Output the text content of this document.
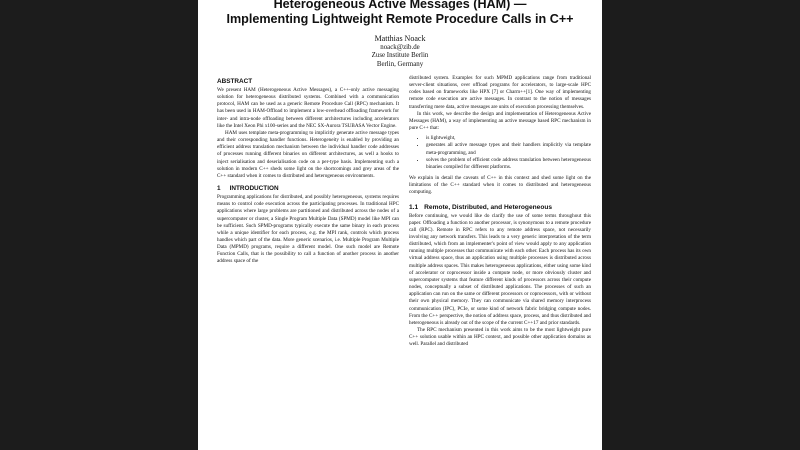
Heterogeneous Active Messages (HAM) —
Implementing Lightweight Remote Procedure Calls in C++
Matthias Noack
noack@zib.de
Zuse Institute Berlin
Berlin, Germany
ABSTRACT

We present HAM (Heterogeneous Active Messages), a C++-only active messaging solution for heterogeneous distributed systems. Combined with a communication protocol, HAM can be used as a generic Remote Procedure Call (RPC) mechanism. It has been used in HAM-Offload to implement a low-overhead offloading framework for inter- and intra-node offloading between different architectures including accelerators like the Intel Xeon Phi x100-series and the NEC SX-Aurora TSUBASA Vector Engine.

HAM uses template meta-programming to implicitly generate active message types and their corresponding handler functions. Heterogeneity is enabled by providing an efficient address translation mechanism between the individual handler code addresses of processes running different binaries on different architectures, as well a hooks to inject serialisation and deserialisation code on a per-type basis. Implementing such a solution in modern C++ sheds some light on the shortcomings and grey areas of the C++ standard when it comes to distributed and heterogeneous environments.

1 INTRODUCTION

Programming applications for distributed, and possibly heterogeneous, systems requires means to control code execution across the participating processes. In traditional HPC applications where large problems are partitioned and distributed across the nodes of a supercomputer or cluster, a Single Program Multiple Data (SPMD) model like MPI can be sufficient. Such SPMD-programs typically execute the same binary in each process while a unique identifier for each process, e.g. the MPI rank, controls which process handles which part of the data. More generic scenarios, i.e. Multiple Program Multiple Data (MPMD) programs, require a different model. One such model are Remote Function Calls, that is the possibility to call a function of another process in another address space of the

distributed system. Examples for such MPMD applications range from traditional server-client situations, over offload programs for accelerators, to large-scale HPC codes based on frameworks like HPX [7] or Charm++[1]. One way of implementing remote code execution are active messages. In contrast to the notion of messages transferring mere data, active messages are units of execution processing themselves.

In this work, we describe the design and implementation of Heterogeneous Active Messages (HAM), a way of implementing an active message based RPC mechanism in pure C++ that:

• is lightweight,
• generates all active message types and their handlers implicitly via template meta-programming, and
• solves the problem of efficient code address translation between heterogeneous binaries compiled for different platforms.

We explain in detail the caveats of C++ in this context and shed some light on the limitations of the C++ standard when it comes to distributed and heterogeneous computing.

1.1 Remote, Distributed, and Heterogeneous

Before continuing, we would like do clarify the use of some terms throughout this paper. Offloading a function to another processor, is synonymous to a remote procedure call (RPC). Remote in RPC refers to any remote address space, not necessarily involving any network transfers. This leads to a very generic interpretation of the term distributed, which from an implementer's point of view would apply to any application running multiple processes that communicate with each other. Each process has its own virtual address space, thus an application using multiple processes is distributed across multiple address spaces. This makes heterogeneous applications, either using some kind of accelerator or coprocessor inside a compute node, or more obviously cluster and supercomputer systems that feature different kinds of processors across their compute nodes, conceptually a subset of distributed applications. The processes of such an application can run on the same or different processors or coprocessors, with or without their own physical memory. They can communicate via shared memory interprocess communication (IPC), PCIe, or some kind of network fabric bridging compute nodes. From the C++ perspective, the notion of address space, process, and thus distributed and heterogeneous is already out of the scope of the current C++17 and prior standards.

The RPC mechanism presented in this work aims to be the most lightweight pure C++ solution usable within an HPC context, and possible other application domains as well. Parallel and distributed
